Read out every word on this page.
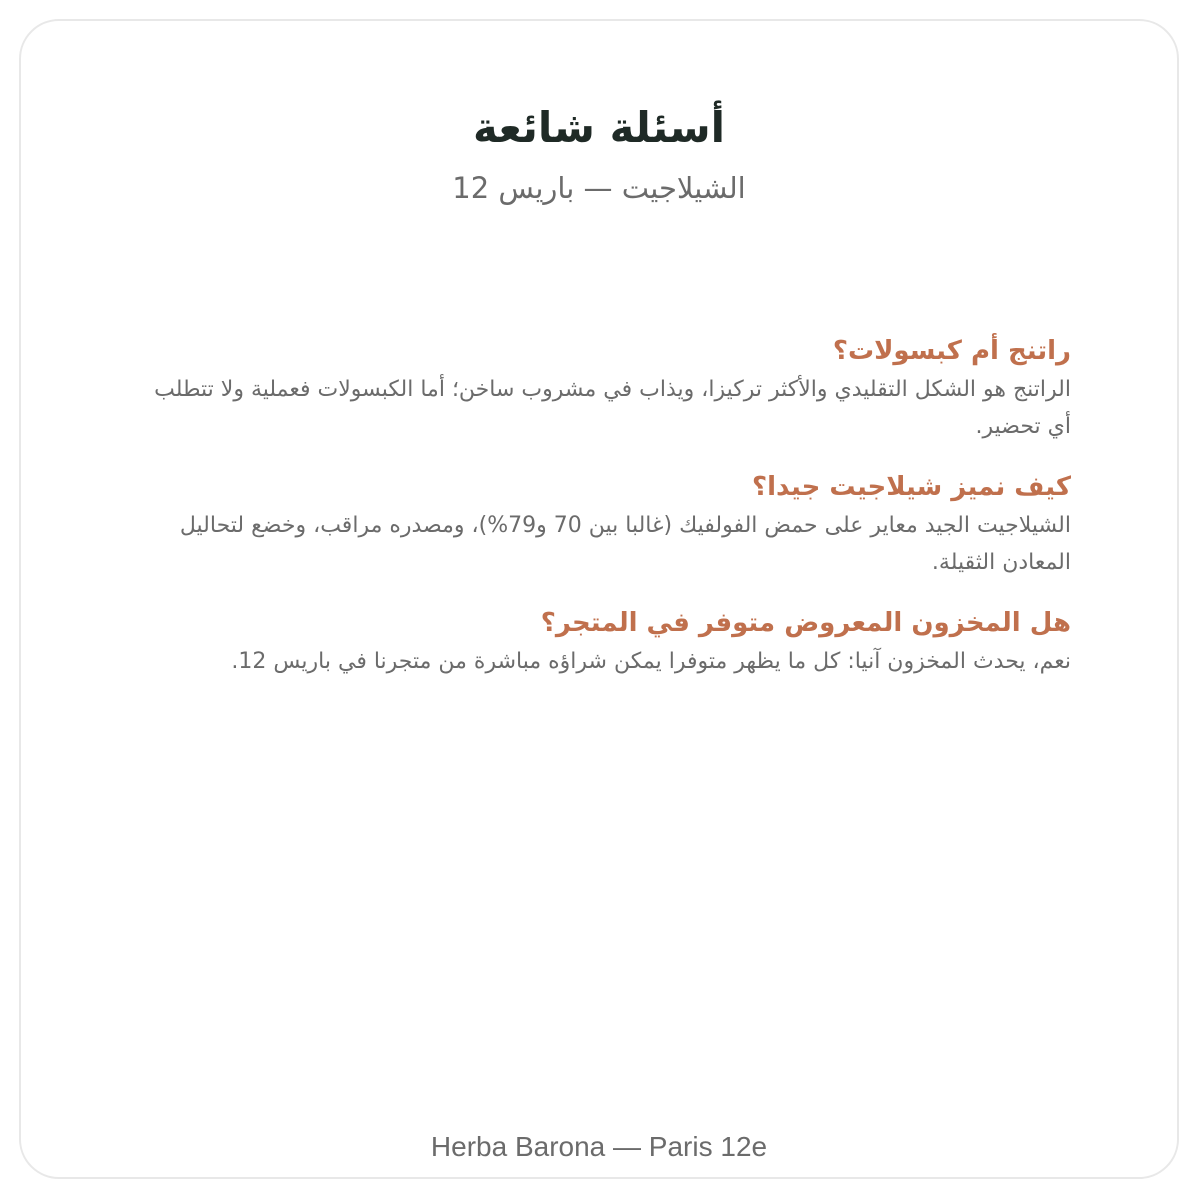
أسئلة شائعة
الشيلاجيت — باريس 12
راتنج أم كبسولات؟
الراتنج هو الشكل التقليدي والأكثر تركيزا، ويذاب في مشروب ساخن؛ أما الكبسولات فعملية ولا تتطلب أي تحضير.
كيف نميز شيلاجيت جيدا؟
الشيلاجيت الجيد معاير على حمض الفولفيك (غالبا بين 70 و79%)، ومصدره مراقب، وخضع لتحاليل المعادن الثقيلة.
هل المخزون المعروض متوفر في المتجر؟
نعم، يحدث المخزون آنيا: كل ما يظهر متوفرا يمكن شراؤه مباشرة من متجرنا في باريس 12.
Herba Barona — Paris 12e
